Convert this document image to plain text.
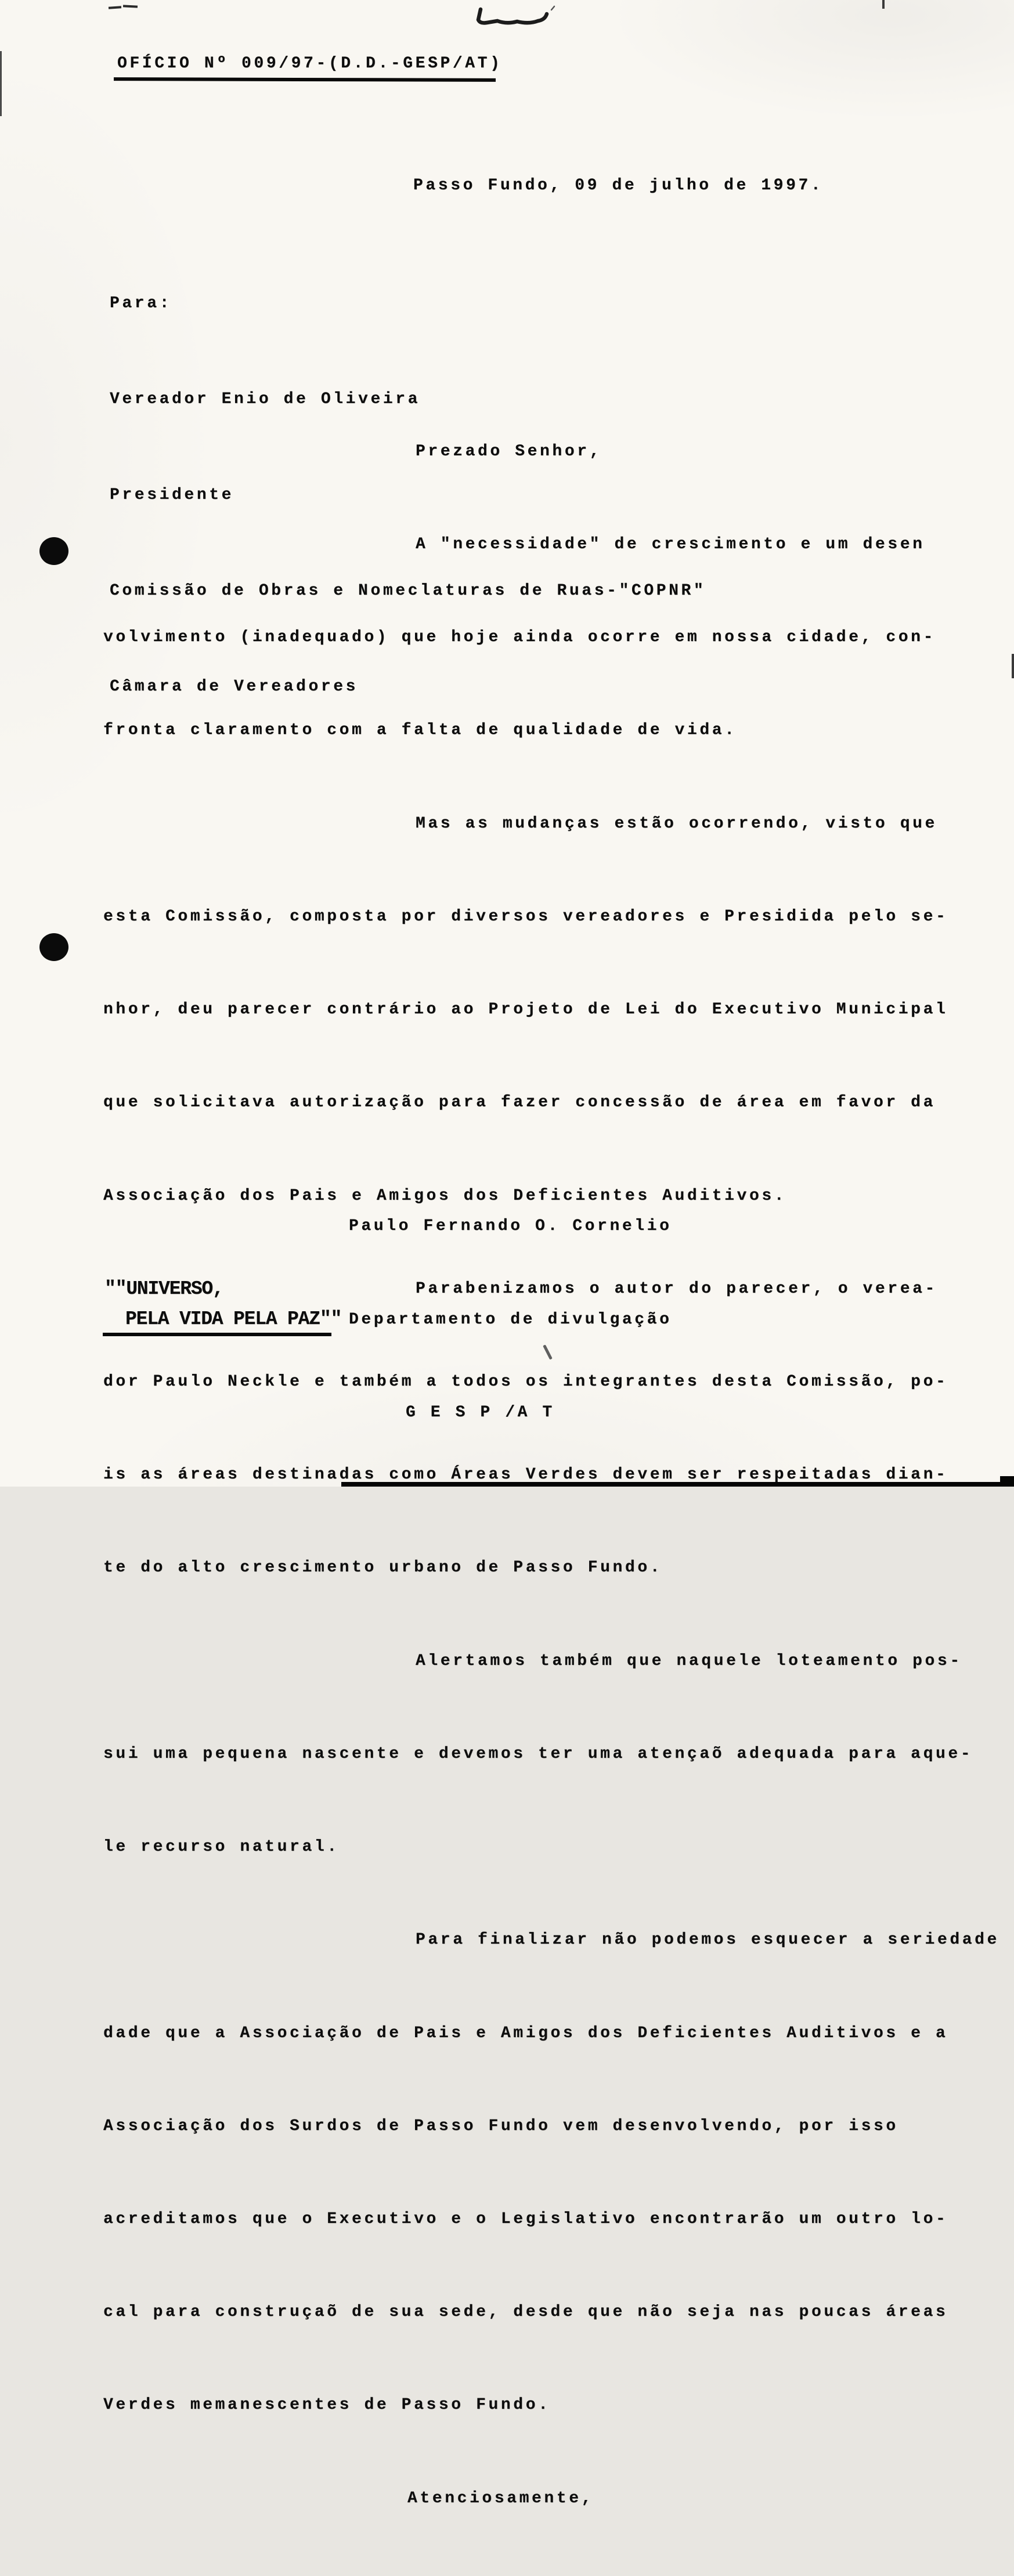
OFÍCIO Nº 009/97-(D.D.-GESP/AT)
Passo Fundo, 09 de julho de 1997.

Para:

Vereador Enio de Oliveira

Presidente

Comissão de Obras e Nomeclaturas de Ruas-"COPNR"

Câmara de Vereadores

Prezado Senhor,

A "necessidade" de crescimento e um desen

volvimento (inadequado) que hoje ainda ocorre em nossa cidade, con-

fronta claramento com a falta de qualidade de vida.

Mas as mudanças estão ocorrendo, visto que

esta Comissão, composta por diversos vereadores e Presidida pelo se-

nhor, deu parecer contrário ao Projeto de Lei do Executivo Municipal

que solicitava autorização para fazer concessão de área em favor da

Associação dos Pais e Amigos dos Deficientes Auditivos.

Parabenizamos o autor do parecer, o verea-

dor Paulo Neckle e também a todos os integrantes desta Comissão, po-

is as áreas destinadas como Áreas Verdes devem ser respeitadas dian-

te do alto crescimento urbano de Passo Fundo.

Alertamos também que naquele loteamento pos-

sui uma pequena nascente e devemos ter uma atençaõ adequada para aque-

le recurso natural.

Para finalizar não podemos esquecer a seriedade

dade que a Associação de Pais e Amigos dos Deficientes Auditivos e a

Associação dos Surdos de Passo Fundo vem desenvolvendo, por isso

acreditamos que o Executivo e o Legislativo encontrarão um outro lo-

cal para construçaõ de sua sede, desde que não seja nas poucas áreas

Verdes memanescentes de Passo Fundo.

Atenciosamente,

Paulo Fernando O. Cornelio

Departamento de divulgação

G E S P /A T

""UNIVERSO,
PELA VIDA PELA PAZ""
